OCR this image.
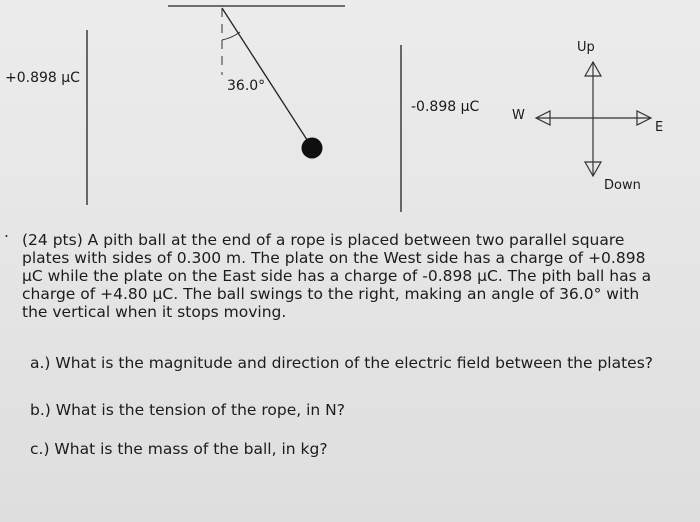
+0.898 µC	36.0°
-0.898 µC
Up
Down
W
E
. (24 pts) A pith ball at the end of a rope is placed between two parallel square
plates with sides of 0.300 m. The plate on the West side has a charge of +0.898
µC while the plate on the East side has a charge of -0.898 µC. The pith ball has a
charge of +4.80 µC. The ball swings to the right, making an angle of 36.0° with
the vertical when it stops moving.
a.) What is the magnitude and direction of the electric field between the plates?
b.) What is the tension of the rope, in N?
c.) What is the mass of the ball, in kg?
